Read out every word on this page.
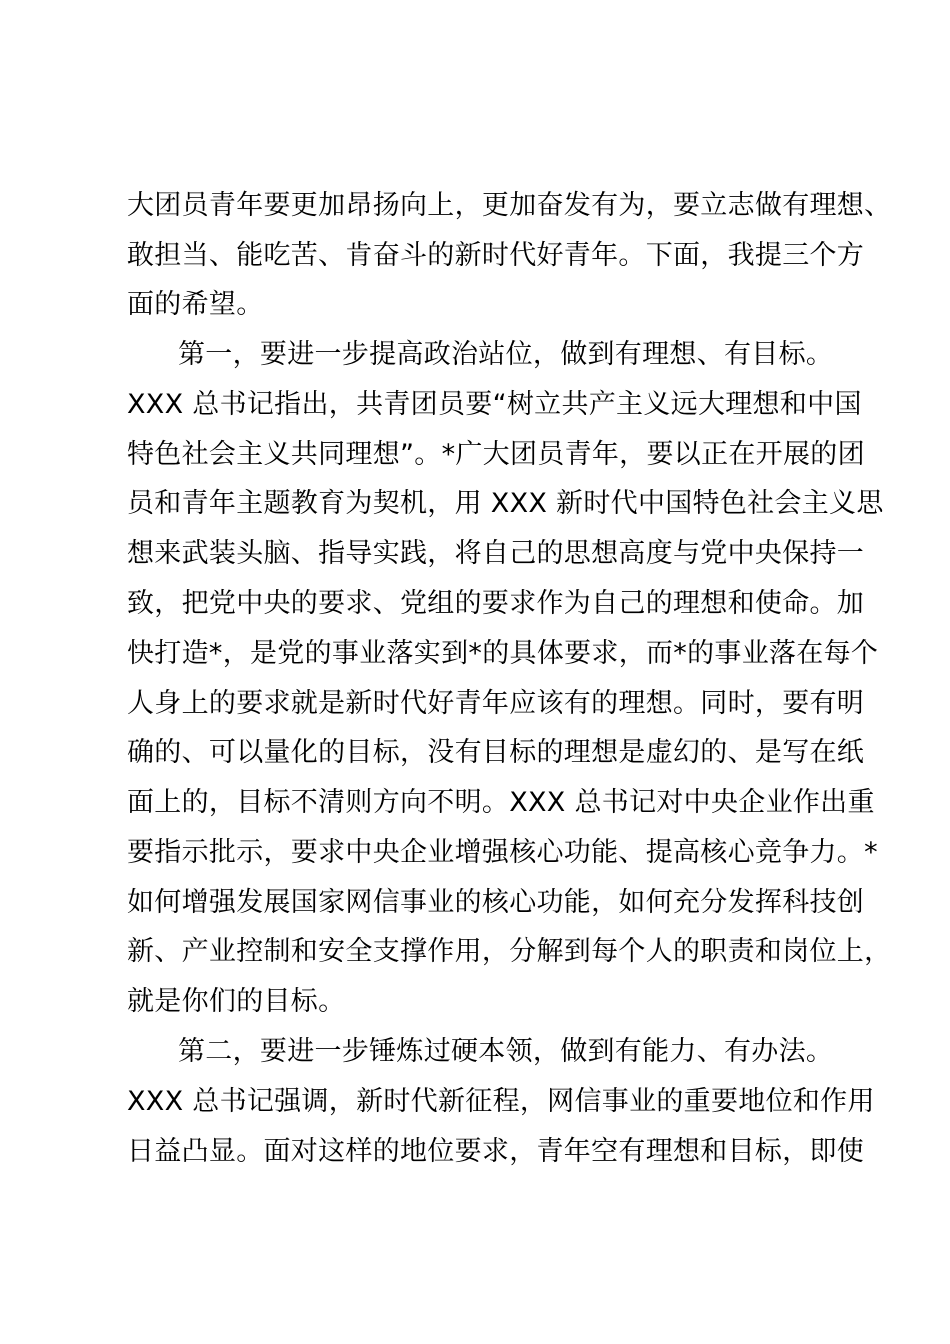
大团员青年要更加昂扬向上，更加奋发有为，要立志做有理想、
敢担当、能吃苦、肯奋斗的新时代好青年。下面，我提三个方
面的希望。
第一，要进一步提高政治站位，做到有理想、有目标。
XXX 总书记指出，共青团员要“树立共产主义远大理想和中国
特色社会主义共同理想”。*广大团员青年，要以正在开展的团
员和青年主题教育为契机，用 XXX 新时代中国特色社会主义思
想来武装头脑、指导实践，将自己的思想高度与党中央保持一
致，把党中央的要求、党组的要求作为自己的理想和使命。加
快打造*，是党的事业落实到*的具体要求，而*的事业落在每个
人身上的要求就是新时代好青年应该有的理想。同时，要有明
确的、可以量化的目标，没有目标的理想是虚幻的、是写在纸
面上的，目标不清则方向不明。XXX 总书记对中央企业作出重
要指示批示，要求中央企业增强核心功能、提高核心竞争力。*
如何增强发展国家网信事业的核心功能，如何充分发挥科技创
新、产业控制和安全支撑作用，分解到每个人的职责和岗位上，
就是你们的目标。
第二，要进一步锤炼过硬本领，做到有能力、有办法。
XXX 总书记强调，新时代新征程，网信事业的重要地位和作用
日益凸显。面对这样的地位要求，青年空有理想和目标，即使
